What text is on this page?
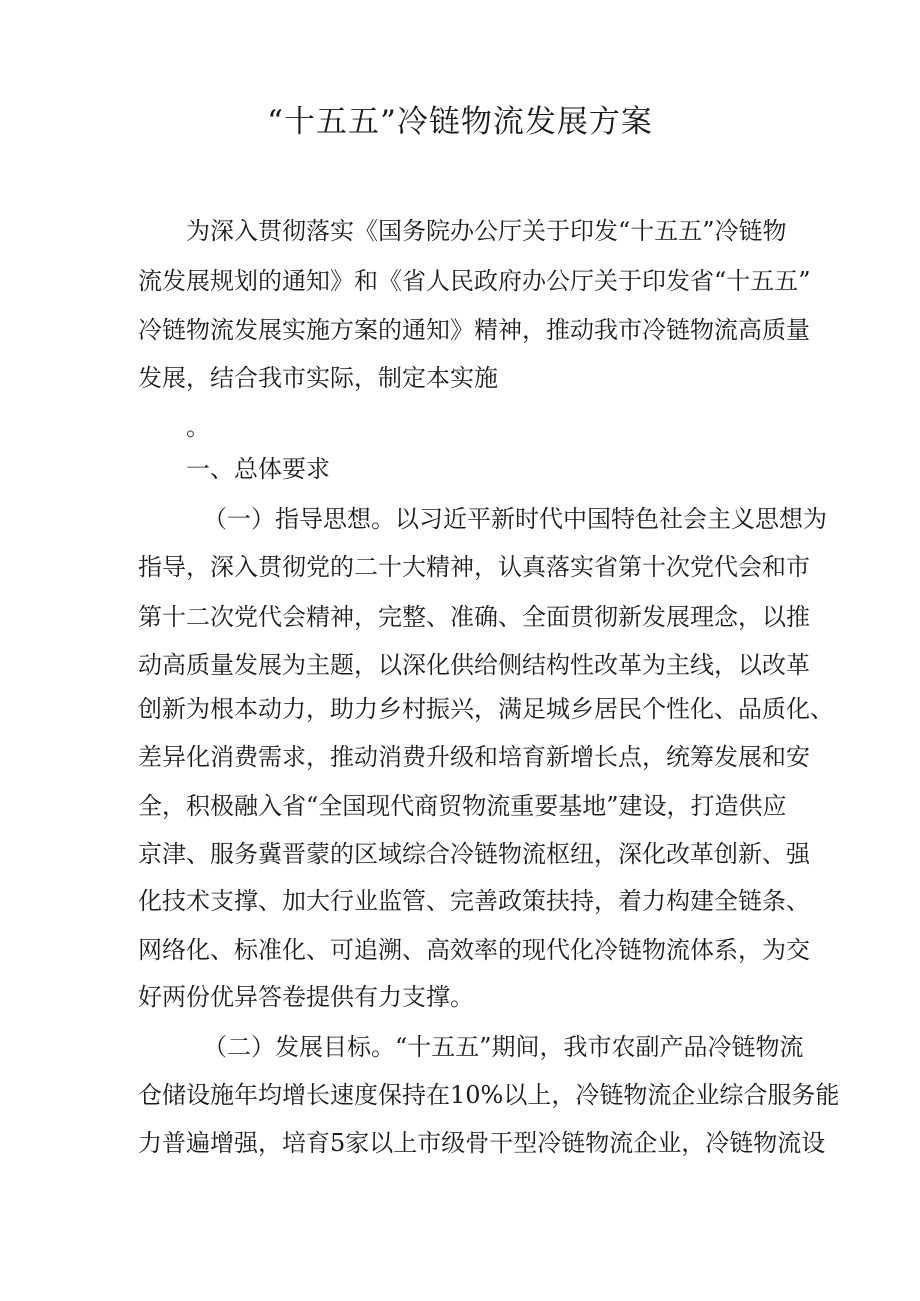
“十五五”冷链物流发展方案
为深入贯彻落实《国务院办公厅关于印发“十五五”冷链物
流发展规划的通知》和《省人民政府办公厅关于印发省“十五五”
冷链物流发展实施方案的通知》精神，推动我市冷链物流高质量
发展，结合我市实际，制定本实施
。
一、总体要求
（一）指导思想。以习近平新时代中国特色社会主义思想为
指导，深入贯彻党的二十大精神，认真落实省第十次党代会和市
第十二次党代会精神，完整、准确、全面贯彻新发展理念，以推
动高质量发展为主题，以深化供给侧结构性改革为主线，以改革
创新为根本动力，助力乡村振兴，满足城乡居民个性化、品质化、
差异化消费需求，推动消费升级和培育新增长点，统筹发展和安
全，积极融入省“全国现代商贸物流重要基地”建设，打造供应
京津、服务冀晋蒙的区域综合冷链物流枢纽，深化改革创新、强
化技术支撑、加大行业监管、完善政策扶持，着力构建全链条、
网络化、标准化、可追溯、高效率的现代化冷链物流体系，为交
好两份优异答卷提供有力支撑。
（二）发展目标。“十五五”期间，我市农副产品冷链物流
仓储设施年均增长速度保持在10%以上，冷链物流企业综合服务能
力普遍增强，培育5家以上市级骨干型冷链物流企业，冷链物流设
